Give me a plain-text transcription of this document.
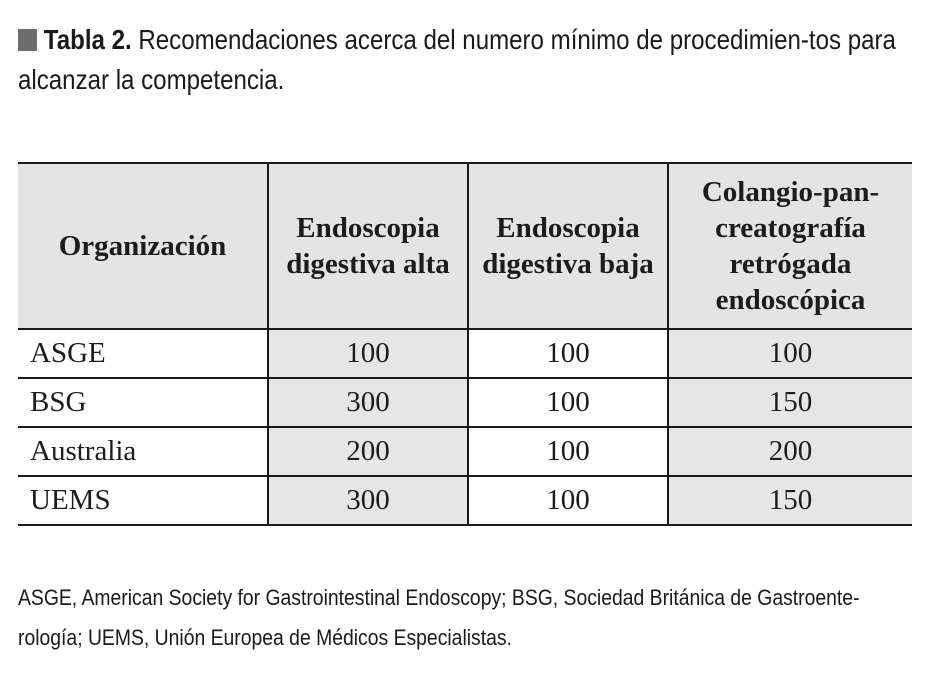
Tabla 2. Recomendaciones acerca del numero mínimo de procedimien-tos para alcanzar la competencia.
Organización	Endoscopia digestiva alta	Endoscopia digestiva baja	Colangio-pan-creatografía retrógada endoscópica
ASGE	100	100	100
BSG	300	100	150
Australia	200	100	200
UEMS	300	100	150
ASGE, American Society for Gastrointestinal Endoscopy; BSG, Sociedad Británica de Gastroente-rología; UEMS, Unión Europea de Médicos Especialistas.
